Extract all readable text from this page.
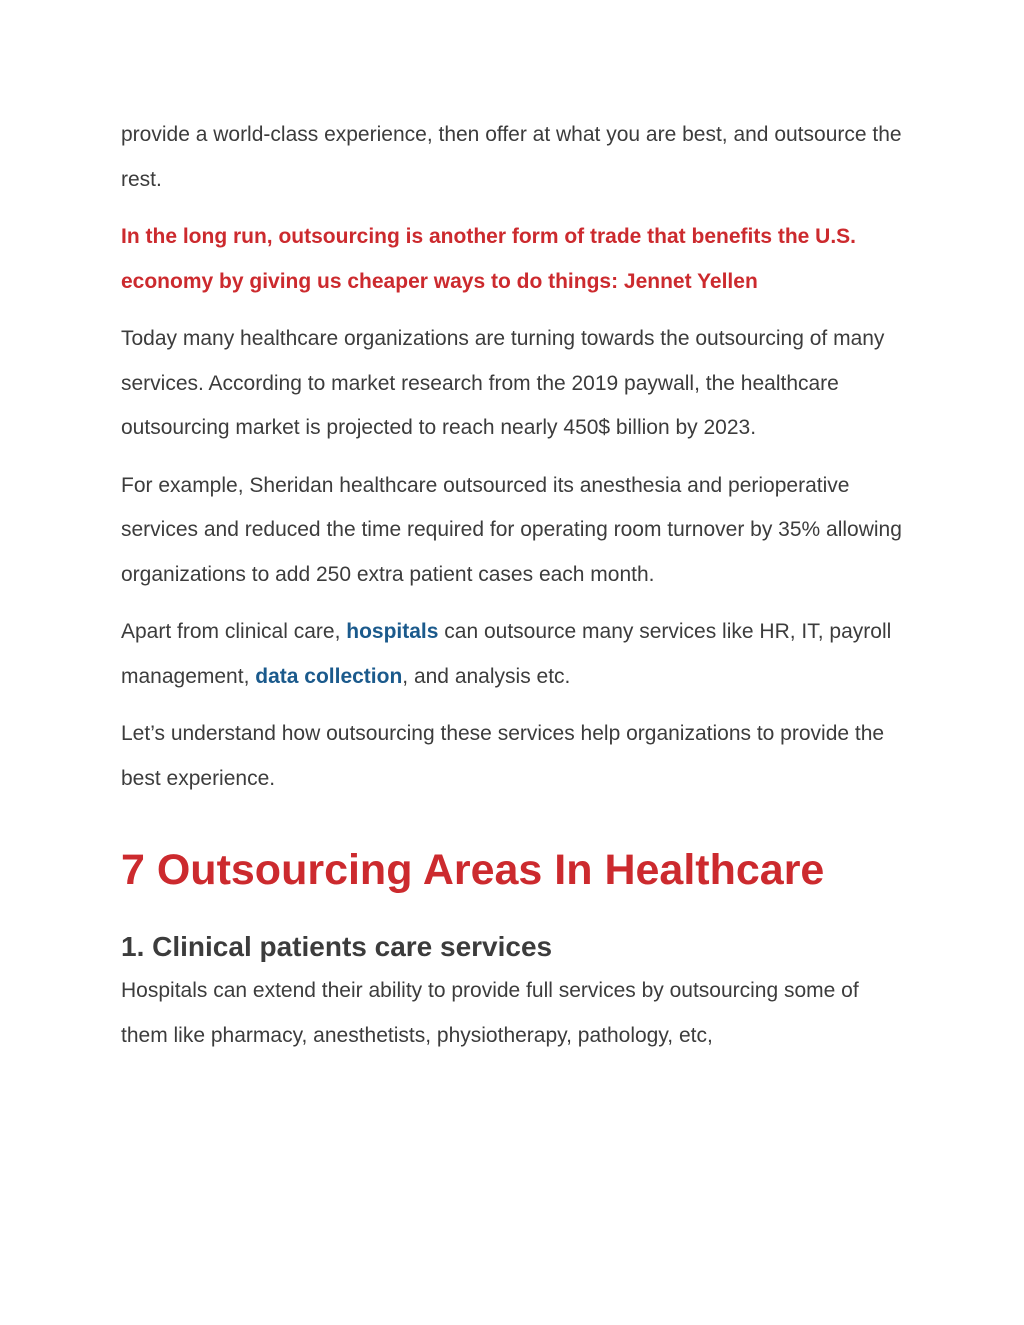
provide a world-class experience, then offer at what you are best, and outsource the rest.

In the long run, outsourcing is another form of trade that benefits the U.S. economy by giving us cheaper ways to do things: Jennet Yellen

Today many healthcare organizations are turning towards the outsourcing of many services. According to market research from the 2019 paywall, the healthcare outsourcing market is projected to reach nearly 450$ billion by 2023.

For example, Sheridan healthcare outsourced its anesthesia and perioperative services and reduced the time required for operating room turnover by 35% allowing organizations to add 250 extra patient cases each month.

Apart from clinical care, hospitals can outsource many services like HR, IT, payroll management, data collection, and analysis etc.

Let’s understand how outsourcing these services help organizations to provide the best experience.

7 Outsourcing Areas In Healthcare
1. Clinical patients care services

Hospitals can extend their ability to provide full services by outsourcing some of them like pharmacy, anesthetists, physiotherapy, pathology, etc,
